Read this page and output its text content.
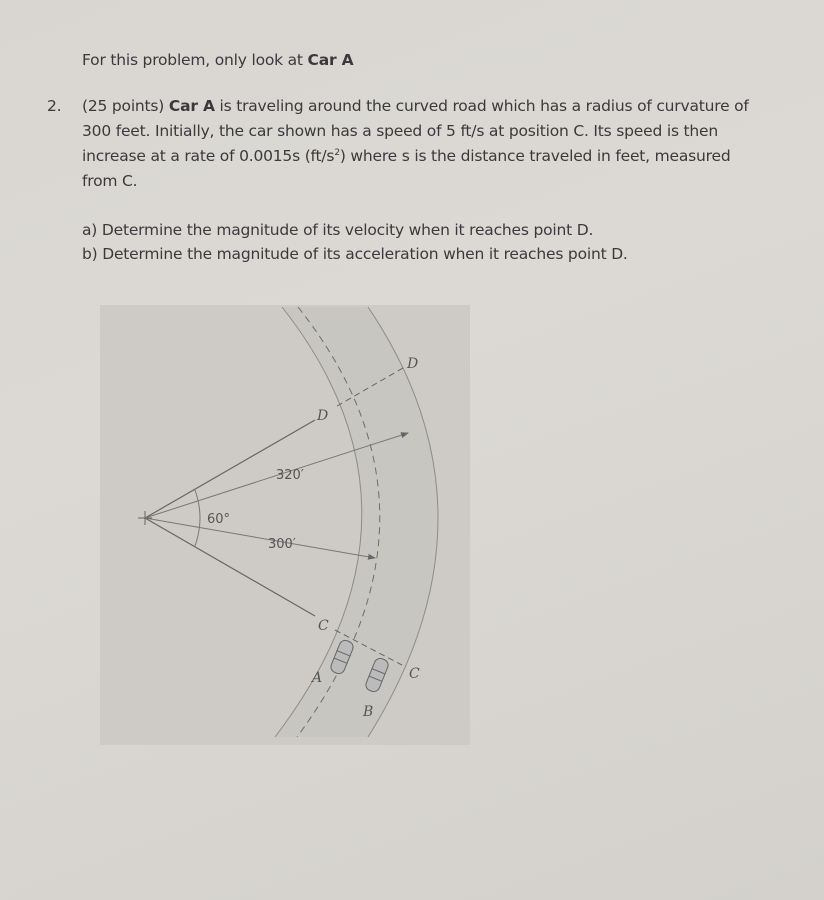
For this problem, only look at Car A
2. (25 points) Car A is traveling around the curved road which has a radius of curvature of
300 feet. Initially, the car shown has a speed of 5 ft/s at position C. Its speed is then
increase at a rate of 0.0015s $(ft/s^2)$ where s is the distance traveled in feet, measured
from C.
a) Determine the magnitude of its velocity when it reaches point D.
b) Determine the magnitude of its acceleration when it reaches point D.
D
D
C
C
A
B
320′
60°
300′
